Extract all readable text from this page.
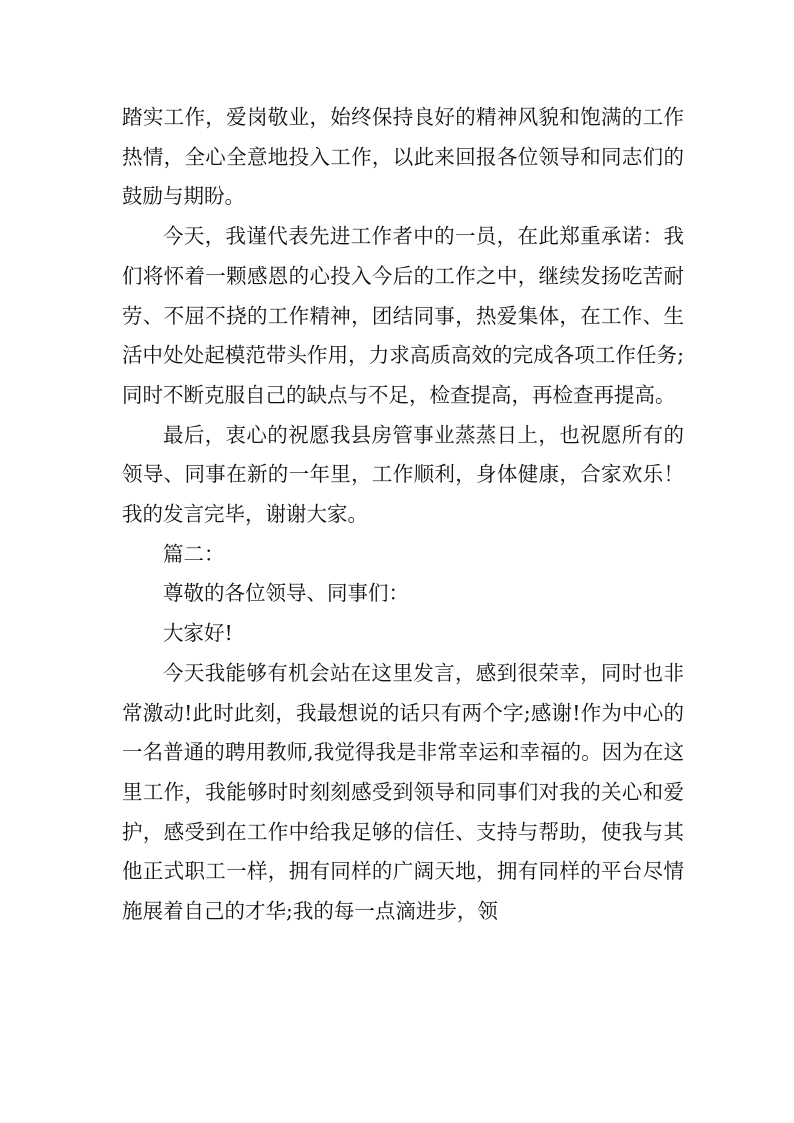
踏实工作，爱岗敬业，始终保持良好的精神风貌和饱满的工作热情，全心全意地投入工作，以此来回报各位领导和同志们的鼓励与期盼。

今天，我谨代表先进工作者中的一员，在此郑重承诺：我们将怀着一颗感恩的心投入今后的工作之中，继续发扬吃苦耐劳、不屈不挠的工作精神，团结同事，热爱集体，在工作、生活中处处起模范带头作用，力求高质高效的完成各项工作任务;同时不断克服自己的缺点与不足，检查提高，再检查再提高。

最后，衷心的祝愿我县房管事业蒸蒸日上，也祝愿所有的领导、同事在新的一年里，工作顺利，身体健康，合家欢乐！我的发言完毕，谢谢大家。

篇二：

尊敬的各位领导、同事们：

大家好!

今天我能够有机会站在这里发言，感到很荣幸，同时也非常激动!此时此刻，我最想说的话只有两个字;感谢!作为中心的一名普通的聘用教师,我觉得我是非常幸运和幸福的。因为在这里工作，我能够时时刻刻感受到领导和同事们对我的关心和爱护，感受到在工作中给我足够的信任、支持与帮助，使我与其他正式职工一样，拥有同样的广阔天地，拥有同样的平台尽情施展着自己的才华;我的每一点滴进步，领
